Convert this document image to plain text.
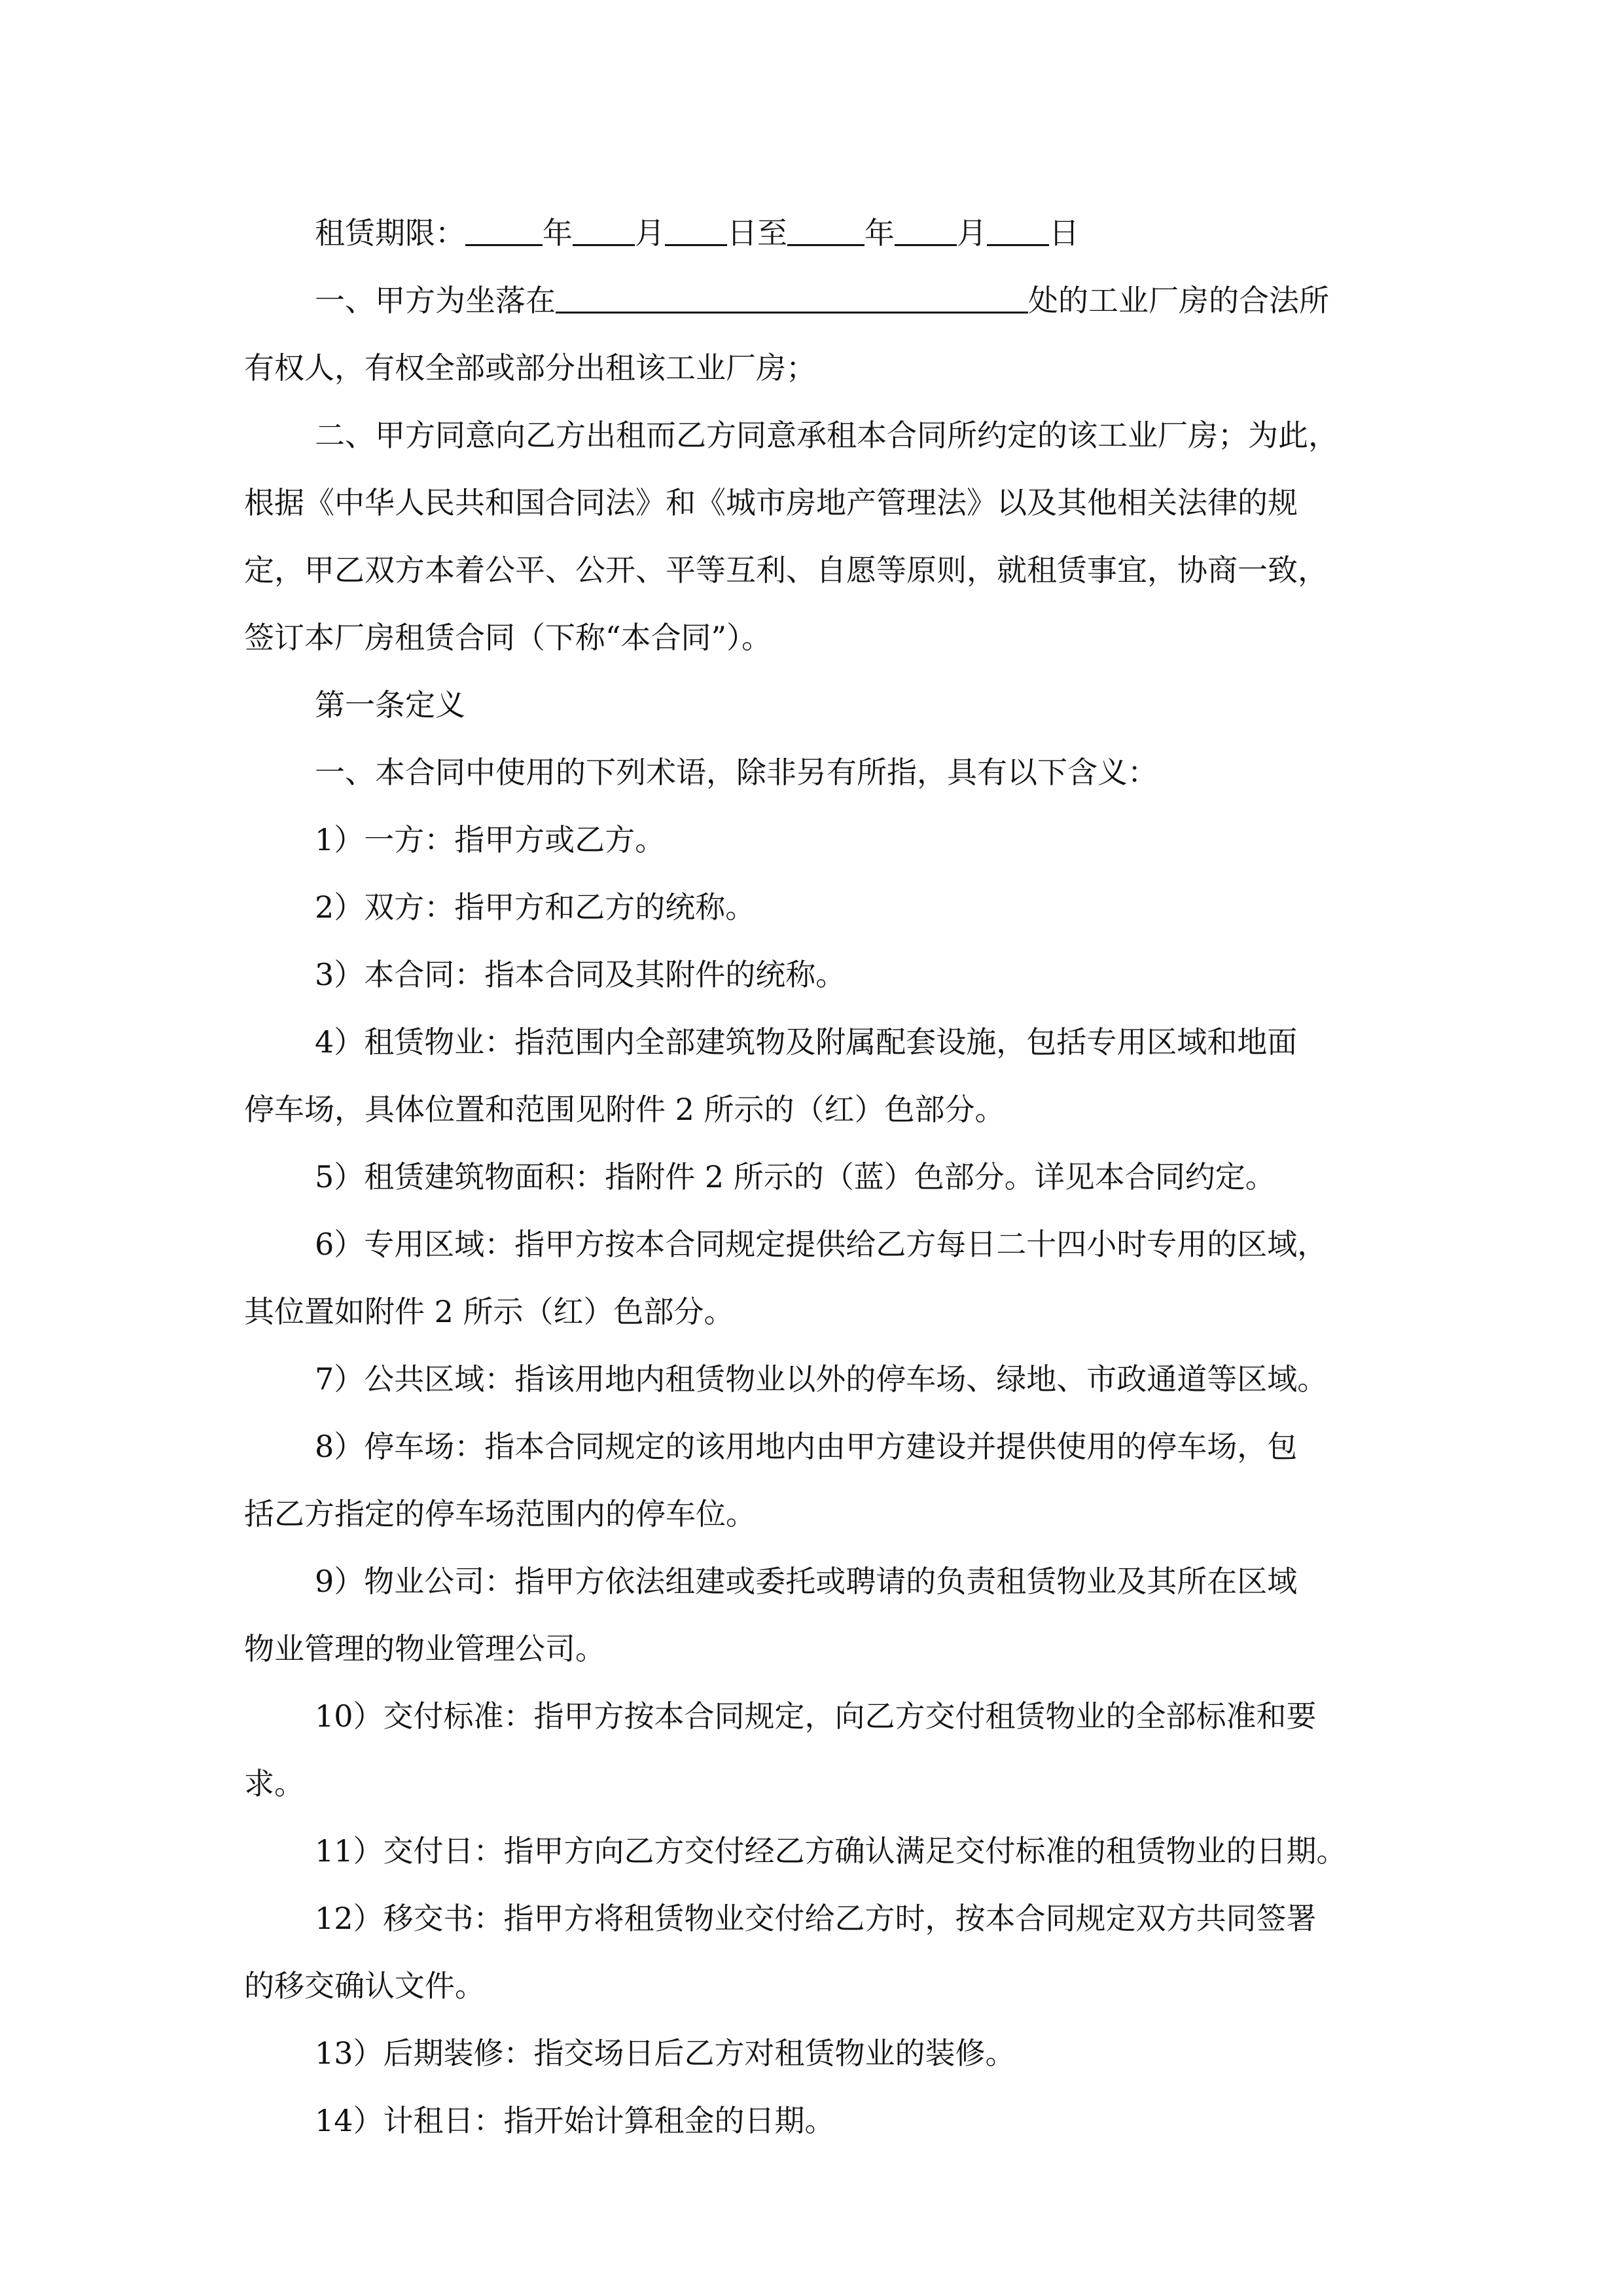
租赁期限：	年 月 日至	年 月 日

一、甲方为坐落在	处的工业厂房的合法所

有权人，有权全部或部分出租该工业厂房；

二、甲方同意向乙方出租而乙方同意承租本合同所约定的该工业厂房；为此，

根据《中华人民共和国合同法》和《城市房地产管理法》以及其他相关法律的规

定，甲乙双方本着公平、公开、平等互利、自愿等原则，就租赁事宜，协商一致，

签订本厂房租赁合同（下称“本合同”）。

第一条定义

一、本合同中使用的下列术语，除非另有所指，具有以下含义：

1）一方：指甲方或乙方。

2）双方：指甲方和乙方的统称。

3）本合同：指本合同及其附件的统称。

4）租赁物业：指范围内全部建筑物及附属配套设施，包括专用区域和地面

停车场，具体位置和范围见附件 2 所示的（红）色部分。

5）租赁建筑物面积：指附件 2 所示的（蓝）色部分。详见本合同约定。

6）专用区域：指甲方按本合同规定提供给乙方每日二十四小时专用的区域，

其位置如附件 2 所示（红）色部分。

7）公共区域：指该用地内租赁物业以外的停车场、绿地、市政通道等区域。

8）停车场：指本合同规定的该用地内由甲方建设并提供使用的停车场，包

括乙方指定的停车场范围内的停车位。

9）物业公司：指甲方依法组建或委托或聘请的负责租赁物业及其所在区域

物业管理的物业管理公司。

10）交付标准：指甲方按本合同规定，向乙方交付租赁物业的全部标准和要

求。

11）交付日：指甲方向乙方交付经乙方确认满足交付标准的租赁物业的日期。

12）移交书：指甲方将租赁物业交付给乙方时，按本合同规定双方共同签署

的移交确认文件。

13）后期装修：指交场日后乙方对租赁物业的装修。

14）计租日：指开始计算租金的日期。
